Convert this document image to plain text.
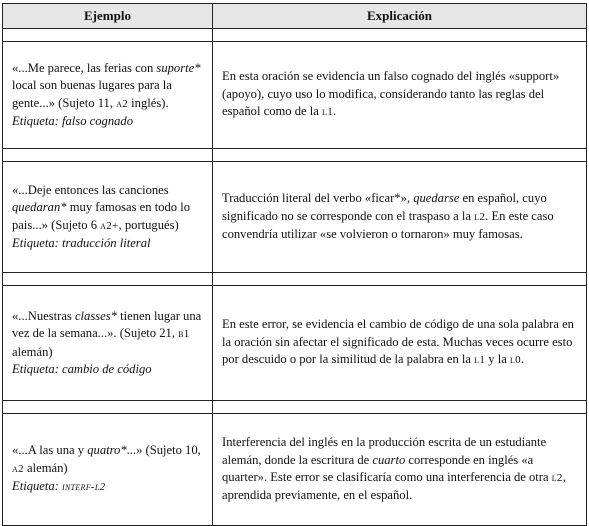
Ejemplo	Explicación

«...Me parece, las ferias con suporte* local son buenas lugares para la gente...» (Sujeto 11, a2 inglés).
Etiqueta: falso cognado	En esta oración se evidencia un falso cognado del inglés «support» (apoyo), cuyo uso lo modifica, considerando tanto las reglas del español como de la l1.

«...Deje entonces las canciones quedaran* muy famosas en todo lo pais...» (Sujeto 6 a2+, portugués)
Etiqueta: traducción literal	Traducción literal del verbo «ficar*», quedarse en español, cuyo significado no se corresponde con el traspaso a la l2. En este caso convendría utilizar «se volvieron o tornaron» muy famosas.

«...Nuestras classes* tienen lugar una vez de la semana...». (Sujeto 21, b1 alemán)
Etiqueta: cambio de código	En este error, se evidencia el cambio de código de una sola palabra en la oración sin afectar el significado de esta. Muchas veces ocurre esto por descuido o por la similitud de la palabra en la l1 y la l0.

«...A las una y quatro*...» (Sujeto 10, a2 alemán)
Etiqueta: interf-l2	Interferencia del inglés en la producción escrita de un estudiante alemán, donde la escritura de cuarto corresponde en inglés «a quarter». Este error se clasificaría como una interferencia de otra l2, aprendida previamente, en el español.
